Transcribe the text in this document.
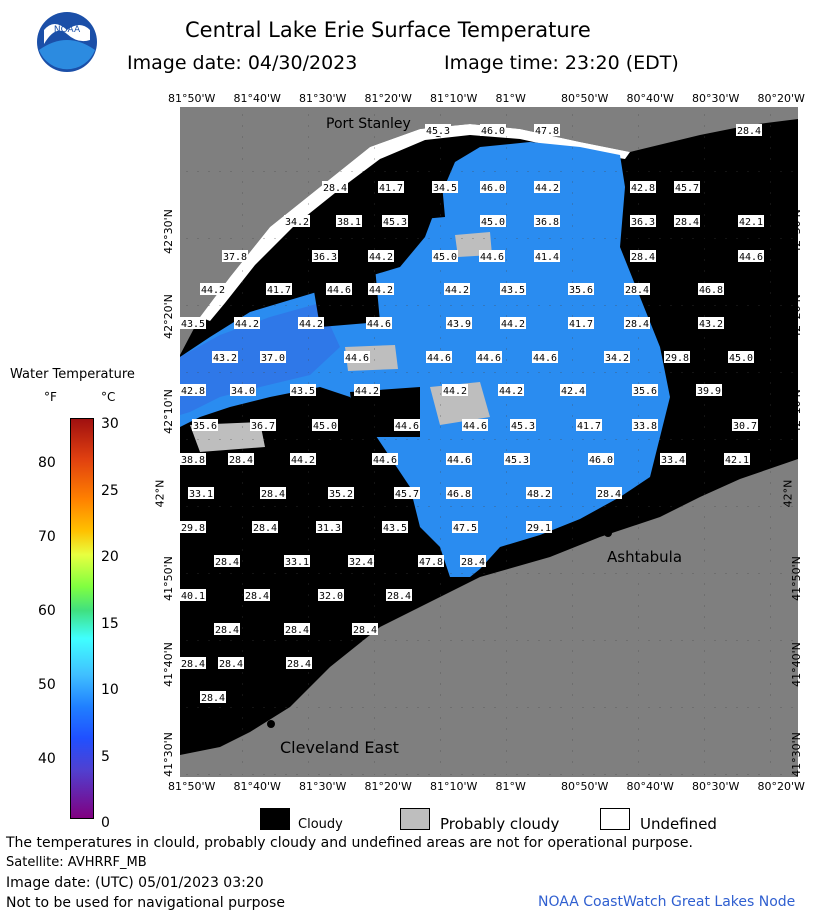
NOAA	Central Lake Erie Surface Temperature
Image date: 04/30/2023	Image time: 23:20 (EDT)
45.3	46.0	47.8	28.4
28.4	41.7	34.5 46.0	44.2	42.8 45.7
34.2	38.1 45.3	45.0	36.8	36.3 28.4	42.1
37.8	36.3	44.2	45.0 44.6	41.4	28.4	44.6
44.2	41.7	44.6 44.2	44.2	43.5	35.6	28.4	46.8
43.5	44.2	44.2	44.6	43.9	44.2	41.7	28.4	43.2
43.2 37.0	44.6	44.6	44.6	44.6	34.2	29.8	45.0
42.8	34.0	43.5	44.2	44.2	44.2	42.4	35.6	39.9
35.6	36.7	45.0	44.6	44.6 45.3	41.7	33.8	30.7
38.8 28.4	44.2	44.6	44.6	45.3	46.0	33.4	42.1
33.1	28.4	35.2	45.7	46.8	48.2	28.4
29.8	28.4	31.3	43.5	47.5	29.1
28.4	33.1	32.4	47.8 28.4
40.1	28.4	32.0	28.4
28.4	28.4	28.4
28.4 28.4	28.4
28.4
Port Stanley
Ashtabula
Cleveland East
Water Temperature
°F	°C
Cloudy	Probably cloudy	Undefined
The temperatures in clould, probably cloudy and undefined areas are not for operational purpose.
Satellite: AVHRRF_MB
Image date: (UTC) 05/01/2023 03:20
Not to be used for navigational purpose	NOAA CoastWatch Great Lakes Node
81°50'W
81°50'W
81°40'W
81°40'W
81°30'W
81°30'W
81°20'W
81°20'W
81°10'W
81°10'W
81°W
81°W
80°50'W
80°50'W
80°40'W
80°40'W
80°30'W
80°30'W
80°20'W
80°20'W
42°30'N	42°30'N
42°20'N	42°20'N
42°10'N	42°10'N
42°N	42°N
41°50'N	41°50'N
41°40'N	41°40'N
41°30'N	41°30'N
80
70
60
50
40
30
25
20
15
10
5
0
